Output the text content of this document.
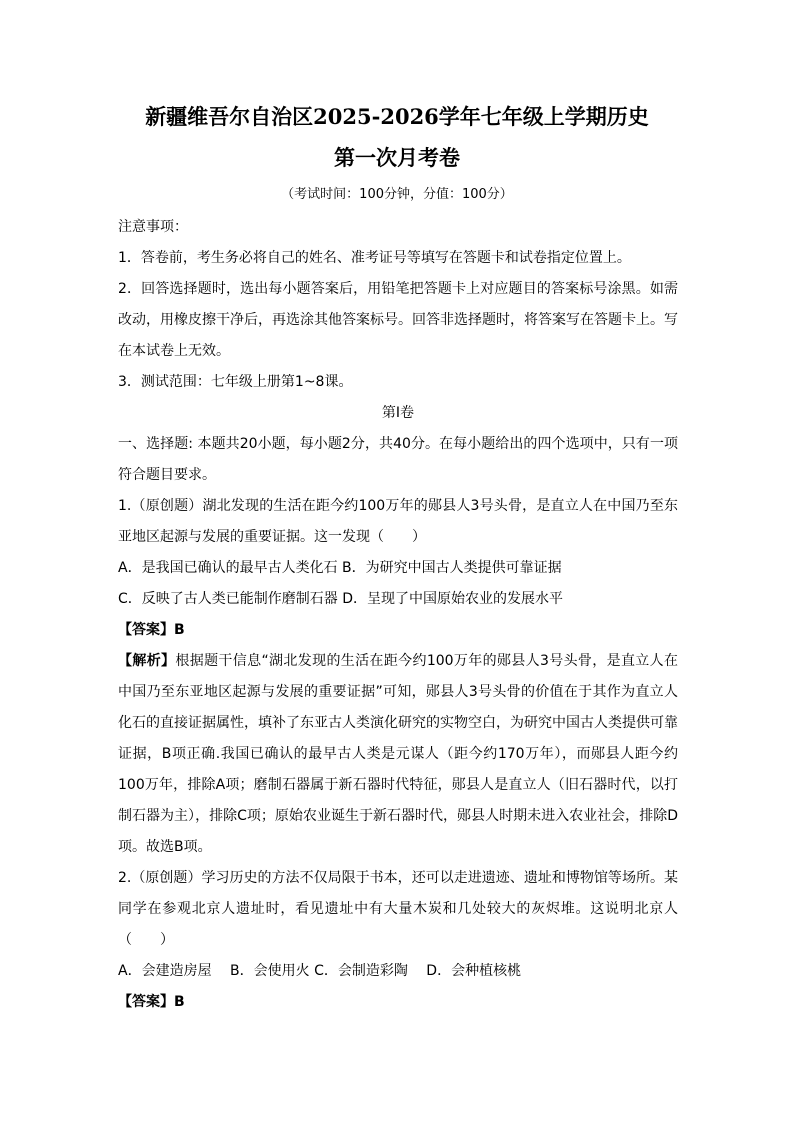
新疆维吾尔自治区2025-2026学年七年级上学期历史
第一次月考卷
（考试时间：100分钟，分值：100分）

注意事项：

1．答卷前，考生务必将自己的姓名、准考证号等填写在答题卡和试卷指定位置上。

2．回答选择题时，选出每小题答案后，用铅笔把答题卡上对应题目的答案标号涂黑。如需改动，用橡皮擦干净后，再选涂其他答案标号。回答非选择题时，将答案写在答题卡上。写在本试卷上无效。

3．测试范围：七年级上册第1~8课。

第Ⅰ卷

一、选择题: 本题共20小题，每小题2分，共40分。在每小题给出的四个选项中，只有一项符合题目要求。

1.（原创题）湖北发现的生活在距今约100万年的郧县人3号头骨，是直立人在中国乃至东亚地区起源与发展的重要证据。这一发现（　　）

A．是我国已确认的最早古人类化石 B．为研究中国古人类提供可靠证据

C．反映了古人类已能制作磨制石器 D．呈现了中国原始农业的发展水平

【答案】B

【解析】根据题干信息“湖北发现的生活在距今约100万年的郧县人3号头骨，是直立人在中国乃至东亚地区起源与发展的重要证据”可知，郧县人3号头骨的价值在于其作为直立人化石的直接证据属性，填补了东亚古人类演化研究的实物空白，为研究中国古人类提供可靠证据，B项正确.我国已确认的最早古人类是元谋人（距今约170万年），而郧县人距今约100万年，排除A项；磨制石器属于新石器时代特征，郧县人是直立人（旧石器时代，以打制石器为主），排除C项；原始农业诞生于新石器时代，郧县人时期未进入农业社会，排除D项。故选B项。

2.（原创题）学习历史的方法不仅局限于书本，还可以走进遗迹、遗址和博物馆等场所。某同学在参观北京人遗址时，看见遗址中有大量木炭和几处较大的灰烬堆。这说明北京人（　　）

A．会建造房屋　 B．会使用火 C．会制造彩陶　 D．会种植核桃

【答案】B
